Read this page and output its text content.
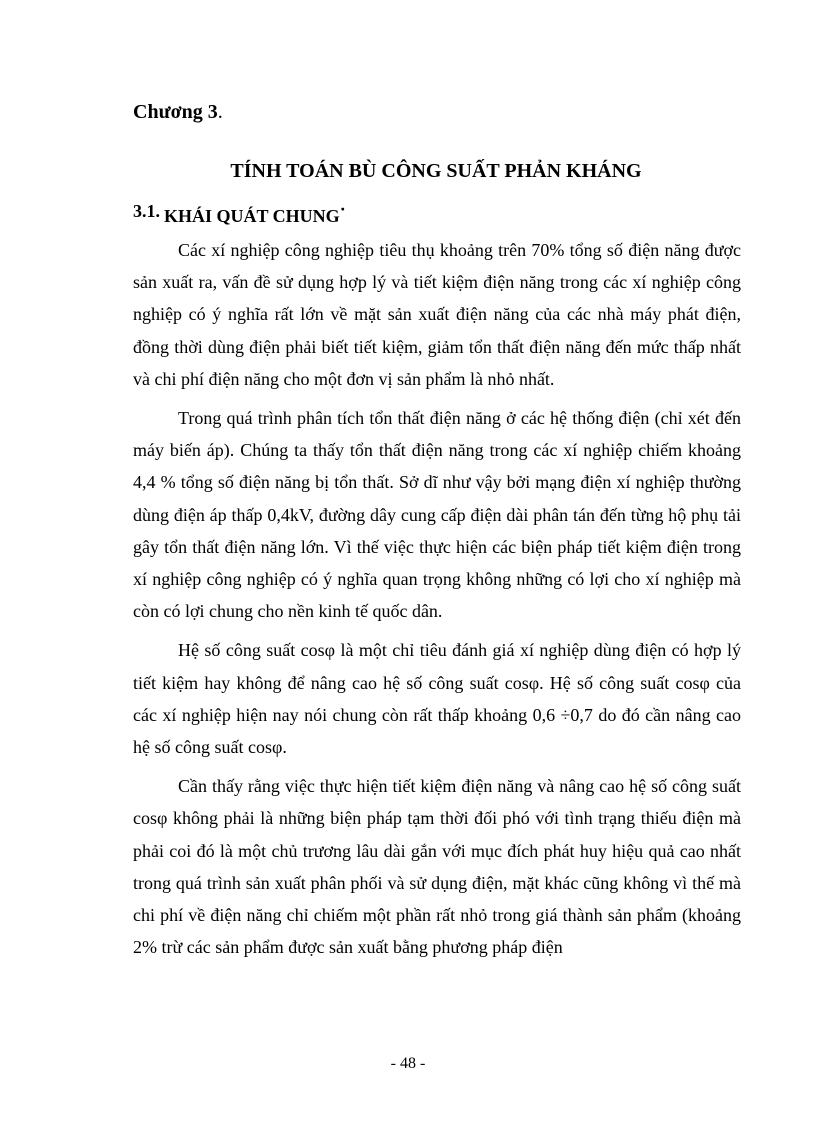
Chương 3.
TÍNH TOÁN BÙ CÔNG SUẤT PHẢN KHÁNG
3.1. KHÁI QUÁT CHUNG·

Các xí nghiệp công nghiệp tiêu thụ khoảng trên 70% tổng số điện năng được sản xuất ra, vấn đề sử dụng hợp lý và tiết kiệm điện năng trong các xí nghiệp công nghiệp có ý nghĩa rất lớn về mặt sản xuất điện năng của các nhà máy phát điện, đồng thời dùng điện phải biết tiết kiệm, giảm tổn thất điện năng đến mức thấp nhất và chi phí điện năng cho một đơn vị sản phẩm là nhỏ nhất.

Trong quá trình phân tích tổn thất điện năng ở các hệ thống điện (chỉ xét đến máy biến áp). Chúng ta thấy tổn thất điện năng trong các xí nghiệp chiếm khoảng 4,4 % tổng số điện năng bị tổn thất. Sở dĩ như vậy bởi mạng điện xí nghiệp thường dùng điện áp thấp 0,4kV, đường dây cung cấp điện dài phân tán đến từng hộ phụ tải gây tổn thất điện năng lớn. Vì thế việc thực hiện các biện pháp tiết kiệm điện trong xí nghiệp công nghiệp có ý nghĩa quan trọng không những có lợi cho xí nghiệp mà còn có lợi chung cho nền kinh tế quốc dân.

Hệ số công suất cosφ là một chỉ tiêu đánh giá xí nghiệp dùng điện có hợp lý tiết kiệm hay không để nâng cao hệ số công suất cosφ. Hệ số công suất cosφ của các xí nghiệp hiện nay nói chung còn rất thấp khoảng 0,6 ÷0,7 do đó cần nâng cao hệ số công suất cosφ.

Cần thấy rằng việc thực hiện tiết kiệm điện năng và nâng cao hệ số công suất cosφ không phải là những biện pháp tạm thời đối phó với tình trạng thiếu điện mà phải coi đó là một chủ trương lâu dài gắn với mục đích phát huy hiệu quả cao nhất trong quá trình sản xuất phân phối và sử dụng điện, mặt khác cũng không vì thế mà chi phí về điện năng chỉ chiếm một phần rất nhỏ trong giá thành sản phẩm (khoảng 2% trừ các sản phẩm được sản xuất bằng phương pháp điện

- 48 -
